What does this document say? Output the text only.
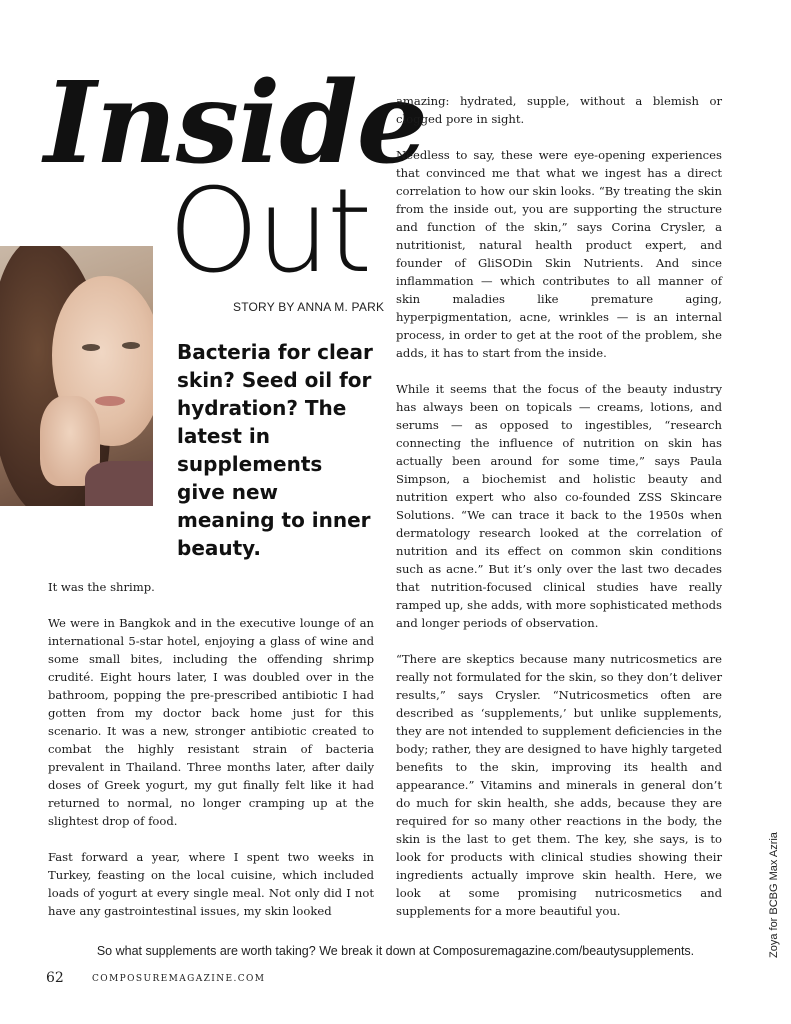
Inside
Out
STORY BY ANNA M. PARK

Bacteria for clear skin? Seed oil for hydration? The latest in supplements give new meaning to inner beauty.

It was the shrimp.

We were in Bangkok and in the executive lounge of an international 5-star hotel, enjoying a glass of wine and some small bites, including the offending shrimp crudité. Eight hours later, I was doubled over in the bathroom, popping the pre-prescribed antibiotic I had gotten from my doctor back home just for this scenario. It was a new, stronger antibiotic created to combat the highly resistant strain of bacteria prevalent in Thailand. Three months later, after daily doses of Greek yogurt, my gut finally felt like it had returned to normal, no longer cramping up at the slightest drop of food.

Fast forward a year, where I spent two weeks in Turkey, feasting on the local cuisine, which included loads of yogurt at every single meal. Not only did I not have any gastrointestinal issues, my skin looked

amazing: hydrated, supple, without a blemish or clogged pore in sight.

Needless to say, these were eye-opening experiences that convinced me that what we ingest has a direct correlation to how our skin looks. “By treating the skin from the inside out, you are supporting the structure and function of the skin,” says Corina Crysler, a nutritionist, natural health product expert, and founder of GliSODin Skin Nutrients. And since inflammation — which contributes to all manner of skin maladies like premature aging, hyperpigmentation, acne, wrinkles — is an internal process, in order to get at the root of the problem, she adds, it has to start from the inside.

While it seems that the focus of the beauty industry has always been on topicals — creams, lotions, and serums — as opposed to ingestibles, “research connecting the influence of nutrition on skin has actually been around for some time,” says Paula Simpson, a biochemist and holistic beauty and nutrition expert who also co-founded ZSS Skincare Solutions. “We can trace it back to the 1950s when dermatology research looked at the correlation of nutrition and its effect on common skin conditions such as acne.” But it’s only over the last two decades that nutrition-focused clinical studies have really ramped up, she adds, with more sophisticated methods and longer periods of observation.

“There are skeptics because many nutricosmetics are really not formulated for the skin, so they don’t deliver results,” says Crysler. “Nutricosmetics often are described as ‘supplements,’ but unlike supplements, they are not intended to supplement deficiencies in the body; rather, they are designed to have highly targeted benefits to the skin, improving its health and appearance.” Vitamins and minerals in general don’t do much for skin health, she adds, because they are required for so many other reactions in the body, the skin is the last to get them. The key, she says, is to look for products with clinical studies showing their ingredients actually improve skin health. Here, we look at some promising nutricosmetics and supplements for a more beautiful you.

So what supplements are worth taking? We break it down at Composuremagazine.com/beautysupplements.
62	COMPOSUREMAGAZINE.COM
Zoya for BCBG Max Azria
